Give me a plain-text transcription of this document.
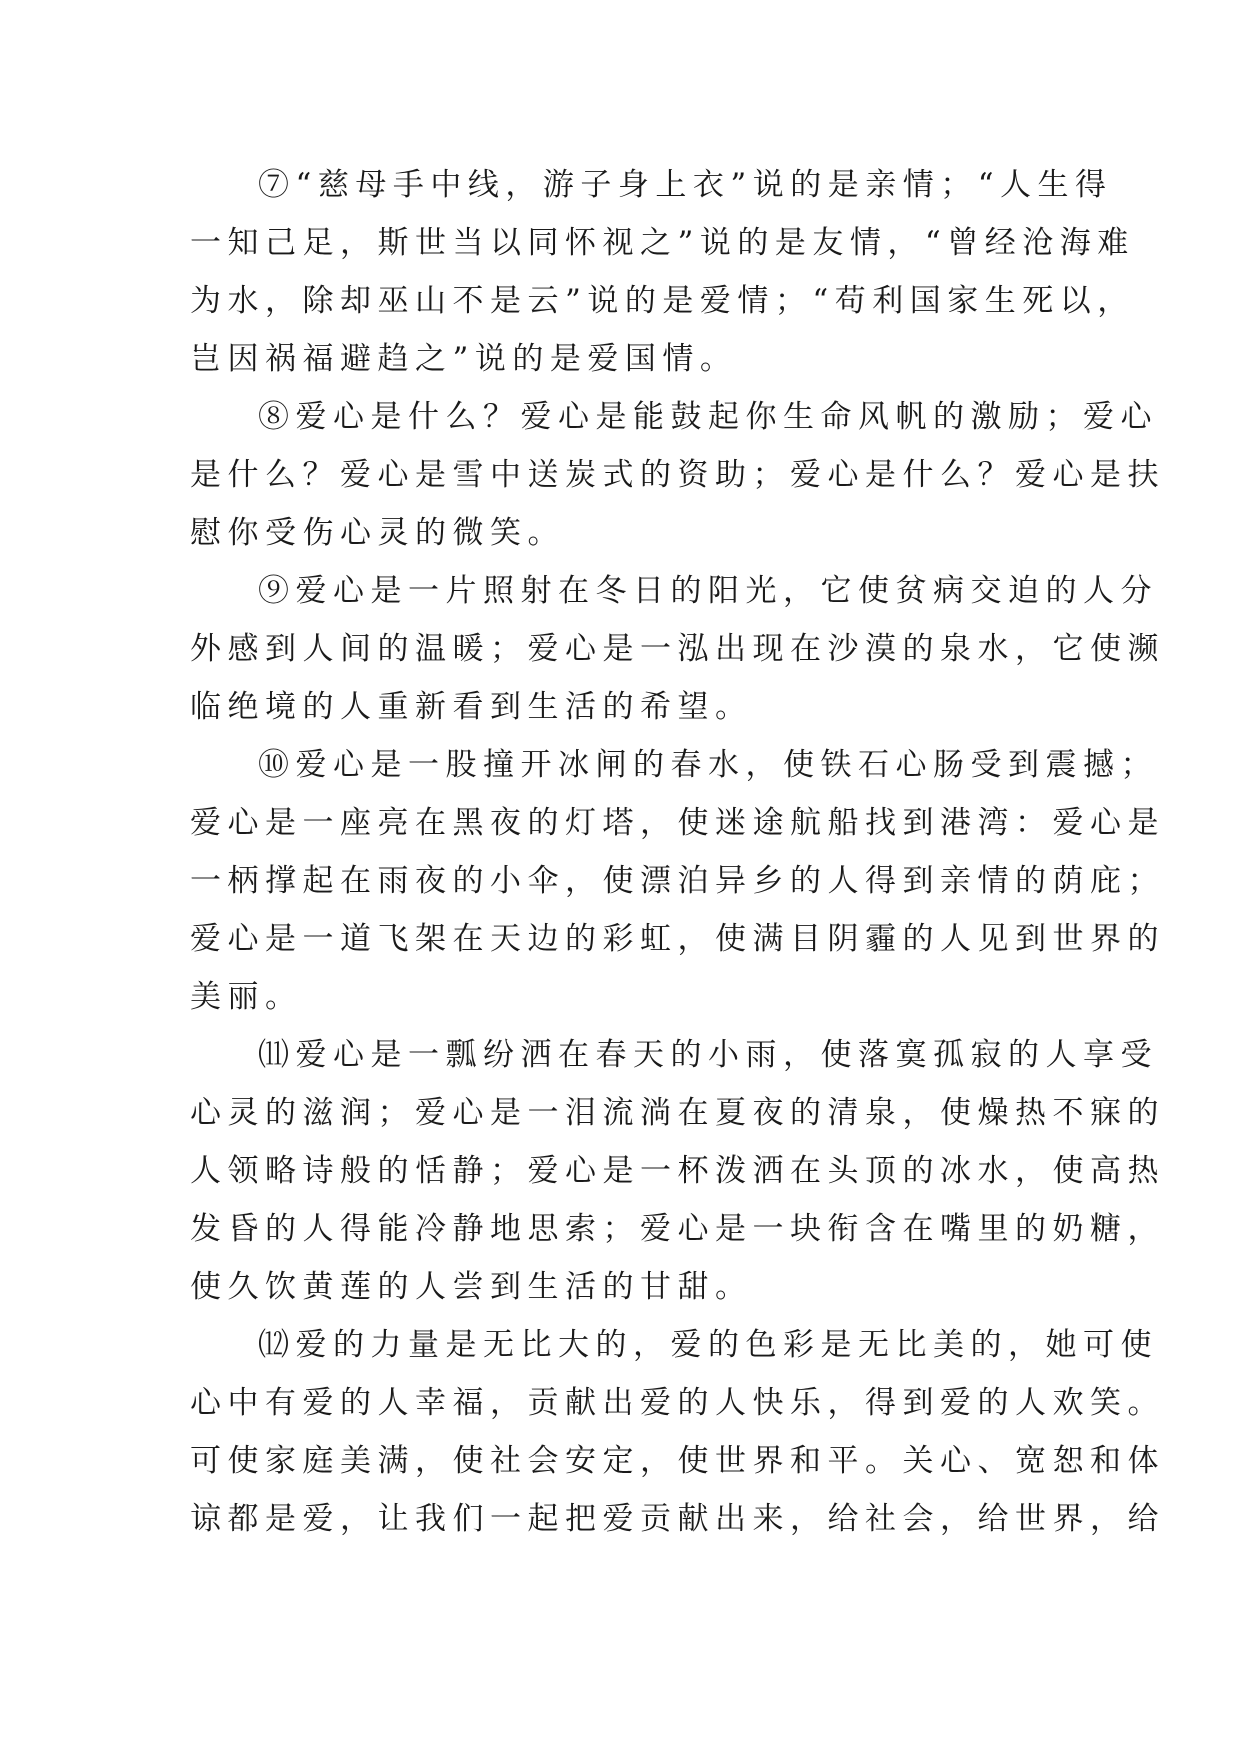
⑦“慈母手中线，游子身上衣”说的是亲情；“人生得
一知己足，斯世当以同怀视之”说的是友情，“曾经沧海难
为水，除却巫山不是云”说的是爱情；“苟利国家生死以，
岂因祸福避趋之”说的是爱国情。
⑧爱心是什么？爱心是能鼓起你生命风帆的激励；爱心
是什么？爱心是雪中送炭式的资助；爱心是什么？爱心是扶
慰你受伤心灵的微笑。
⑨爱心是一片照射在冬日的阳光，它使贫病交迫的人分
外感到人间的温暖；爱心是一泓出现在沙漠的泉水，它使濒
临绝境的人重新看到生活的希望。
⑩爱心是一股撞开冰闸的春水，使铁石心肠受到震撼；
爱心是一座亮在黑夜的灯塔，使迷途航船找到港湾：爱心是
一柄撑起在雨夜的小伞，使漂泊异乡的人得到亲情的荫庇；
爱心是一道飞架在天边的彩虹，使满目阴霾的人见到世界的
美丽。
⑾爱心是一瓢纷洒在春天的小雨，使落寞孤寂的人享受
心灵的滋润；爱心是一泪流淌在夏夜的清泉，使燥热不寐的
人领略诗般的恬静；爱心是一杯泼洒在头顶的冰水，使高热
发昏的人得能冷静地思索；爱心是一块衔含在嘴里的奶糖，
使久饮黄莲的人尝到生活的甘甜。
⑿爱的力量是无比大的，爱的色彩是无比美的，她可使
心中有爱的人幸福，贡献出爱的人快乐，得到爱的人欢笑。
可使家庭美满，使社会安定，使世界和平。关心、宽恕和体
谅都是爱，让我们一起把爱贡献出来，给社会，给世界，给
